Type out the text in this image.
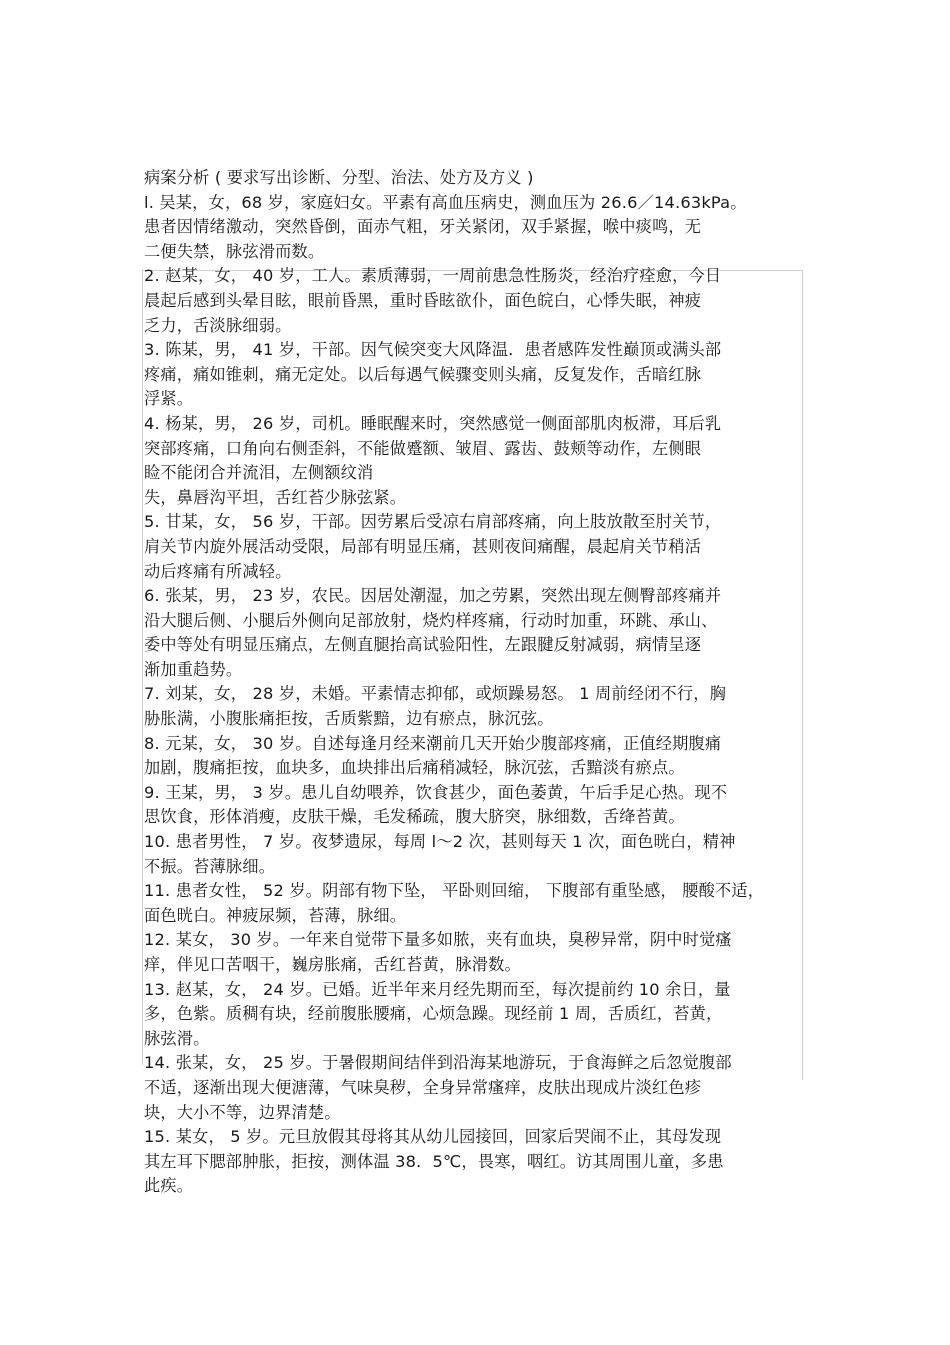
病案分析 ( 要求写出诊断、分型、治法、处方及方义 )
l. 吴某，女，68 岁，家庭妇女。平素有高血压病史，测血压为 26.6／14.63kPa。
患者因情绪激动，突然昏倒，面赤气粗，牙关紧闭，双手紧握，喉中痰鸣，无
二便失禁，脉弦滑而数。
2. 赵某，女， 40 岁，工人。素质薄弱，一周前患急性肠炎，经治疗痊愈，今日
晨起后感到头晕目眩，眼前昏黑，重时昏眩欲仆，面色皖白，心悸失眠，神疲
乏力，舌淡脉细弱。
3. 陈某，男， 41 岁，干部。因气候突变大风降温．患者感阵发性巅顶或满头部
疼痛，痛如锥刺，痛无定处。以后每遇气候骤变则头痛，反复发作，舌暗红脉
浮紧。
4. 杨某，男， 26 岁，司机。睡眠醒来时，突然感觉一侧面部肌肉板滞，耳后乳
突部疼痛，口角向右侧歪斜，不能做蹙额、皱眉、露齿、鼓颊等动作，左侧眼
睑不能闭合并流泪，左侧额纹消
失，鼻唇沟平坦，舌红苔少脉弦紧。
5. 甘某，女， 56 岁，干部。因劳累后受凉右肩部疼痛，向上肢放散至肘关节，
肩关节内旋外展活动受限，局部有明显压痛，甚则夜间痛醒，晨起肩关节稍活
动后疼痛有所减轻。
6. 张某，男， 23 岁，农民。因居处潮湿，加之劳累，突然出现左侧臀部疼痛并
沿大腿后侧、小腿后外侧向足部放射，烧灼样疼痛，行动时加重，环跳、承山、
委中等处有明显压痛点，左侧直腿抬高试验阳性，左跟腱反射减弱，病情呈逐
渐加重趋势。
7. 刘某，女， 28 岁，未婚。平素情志抑郁，或烦躁易怒。 1 周前经闭不行，胸
胁胀满，小腹胀痛拒按，舌质紫黯，边有瘀点，脉沉弦。
8. 元某，女， 30 岁。自述每逢月经来潮前几天开始少腹部疼痛，正值经期腹痛
加剧，腹痛拒按，血块多，血块排出后痛稍减轻，脉沉弦，舌黯淡有瘀点。
9. 王某，男， 3 岁。患儿自幼喂养，饮食甚少，面色萎黄，午后手足心热。现不
思饮食，形体消瘦，皮肤干燥，毛发稀疏，腹大脐突，脉细数，舌绛苔黄。
10. 患者男性， 7 岁。夜梦遗尿，每周 l～2 次，甚则每天 1 次，面色晄白，精神
不振。苔薄脉细。
11. 患者女性， 52 岁。阴部有物下坠， 平卧则回缩， 下腹部有重坠感， 腰酸不适，
面色晄白。神疲尿频，苔薄，脉细。
12. 某女， 30 岁。一年来自觉带下量多如脓，夹有血块，臭秽异常，阴中时觉瘙
痒，伴见口苦咽干，巍房胀痛，舌红苔黄，脉滑数。
13. 赵某，女， 24 岁。已婚。近半年来月经先期而至，每次提前约 10 余日，量
多，色紫。质稠有块，经前腹胀腰痛，心烦急躁。现经前 1 周，舌质红，苔黄，
脉弦滑。
14. 张某，女， 25 岁。于暑假期间结伴到沿海某地游玩，于食海鲜之后忽觉腹部
不适，逐渐出现大便溏薄，气味臭秽，全身异常瘙痒，皮肤出现成片淡红色疹
块，大小不等，边界清楚。
15. 某女， 5 岁。元旦放假其母将其从幼儿园接回，回家后哭闹不止，其母发现
其左耳下腮部肿胀，拒按，测体温 38．5℃，畏寒，咽红。访其周围儿童，多患
此疾。
